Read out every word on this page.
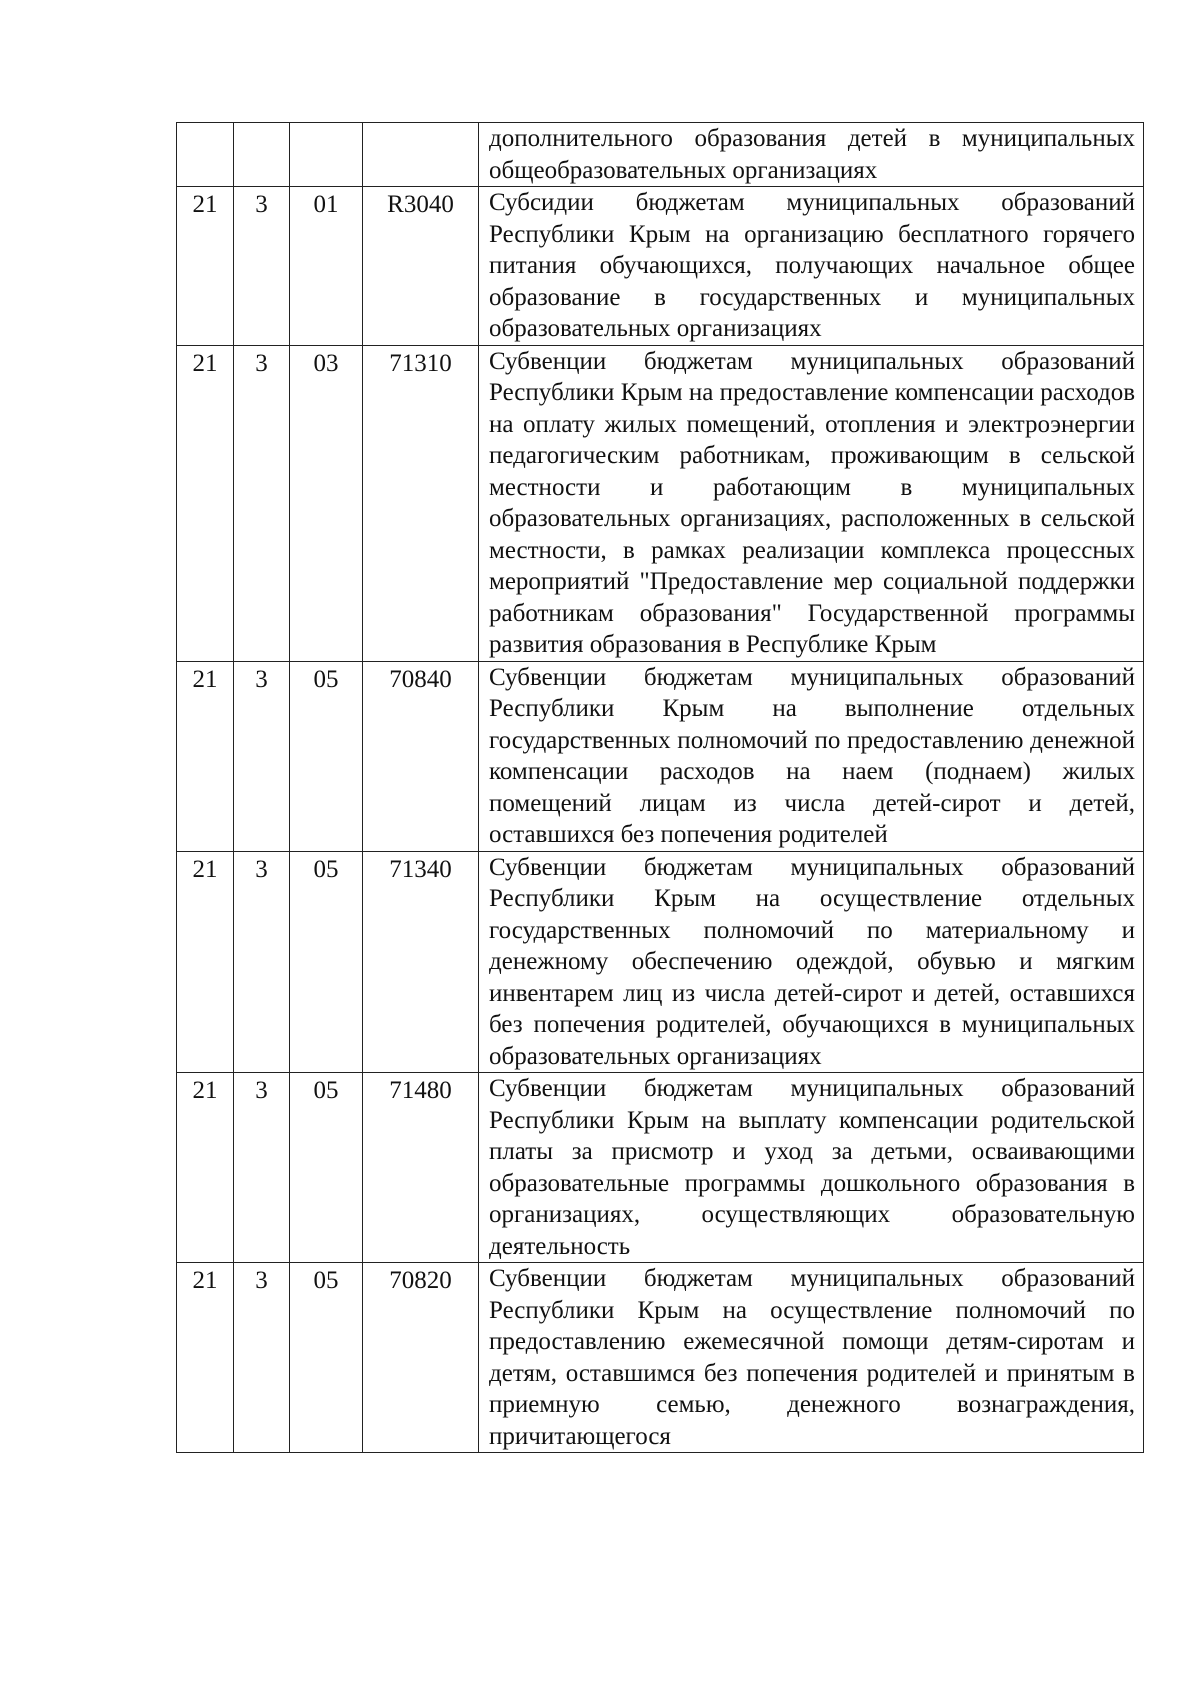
				дополнительного образования детей в муниципальных общеобразовательных организациях
21	3	01	R3040	Субсидии бюджетам муниципальных образований Республики Крым на организацию бесплатного горячего питания обучающихся, получающих начальное общее образование в государственных и муниципальных образовательных организациях
21	3	03	71310	Субвенции бюджетам муниципальных образований Республики Крым на предоставление компенсации расходов на оплату жилых помещений, отопления и электроэнергии педагогическим работникам, проживающим в сельской местности и работающим в муниципальных образовательных организациях, расположенных в сельской местности, в рамках реализации комплекса процессных мероприятий "Предоставление мер социальной поддержки работникам образования" Государственной программы развития образования в Республике Крым
21	3	05	70840	Субвенции бюджетам муниципальных образований Республики Крым на выполнение отдельных государственных полномочий по предоставлению денежной компенсации расходов на наем (поднаем) жилых помещений лицам из числа детей-сирот и детей, оставшихся без попечения родителей
21	3	05	71340	Субвенции бюджетам муниципальных образований Республики Крым на осуществление отдельных государственных полномочий по материальному и денежному обеспечению одеждой, обувью и мягким инвентарем лиц из числа детей-сирот и детей, оставшихся без попечения родителей, обучающихся в муниципальных образовательных организациях
21	3	05	71480	Субвенции бюджетам муниципальных образований Республики Крым на выплату компенсации родительской платы за присмотр и уход за детьми, осваивающими образовательные программы дошкольного образования в организациях, осуществляющих образовательную деятельность
21	3	05	70820	Субвенции бюджетам муниципальных образований Республики Крым на осуществление полномочий по предоставлению ежемесячной помощи детям-сиротам и детям, оставшимся без попечения родителей и принятым в приемную семью, денежного вознаграждения, причитающегося
